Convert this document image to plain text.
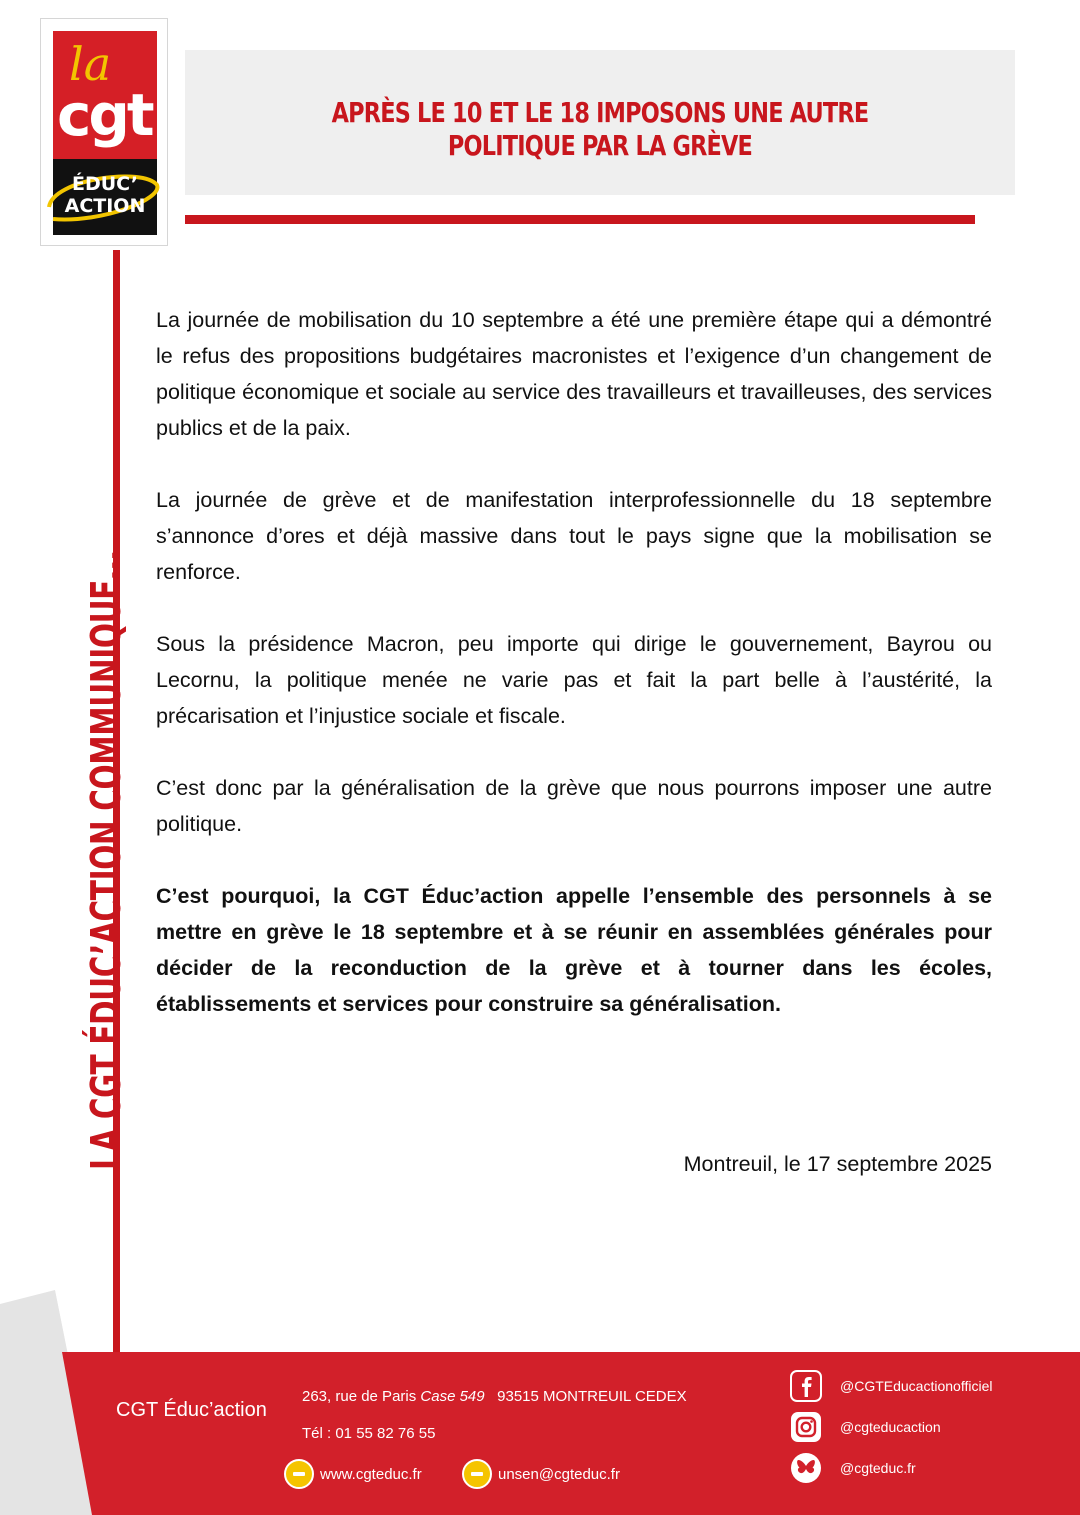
la
cgt
ÉDUC’
ACTION
APRÈS LE 10 ET LE 18 IMPOSONS UNE AUTRE POLITIQUE PAR LA GRÈVE
LA CGT ÉDUC’ACTION COMMUNIQUE…

La journée de mobilisation du 10 septembre a été une première étape qui a démontré le refus des propositions budgétaires macronistes et l’exigence d’un changement de politique économique et sociale au service des travailleurs et travailleuses, des services publics et de la paix.

La journée de grève et de manifestation interprofessionnelle du 18 septembre s’annonce d’ores et déjà massive dans tout le pays signe que la mobilisation se renforce.

Sous la présidence Macron, peu importe qui dirige le gouvernement, Bayrou ou Lecornu, la politique menée ne varie pas et fait la part belle à l’austérité, la précarisation et l’injustice sociale et fiscale.

C’est donc par la généralisation de la grève que nous pourrons imposer une autre politique.

C’est pourquoi, la CGT Éduc’action appelle l’ensemble des personnels à se mettre en grève le 18 septembre et à se réunir en assemblées générales pour décider de la reconduction de la grève et à tourner dans les écoles, établissements et services pour construire sa généralisation.

Montreuil, le 17 septembre 2025
CGT Éduc’action
263, rue de Paris Case 549 93515 MONTREUIL CEDEX
Tél : 01 55 82 76 55
www.cgteduc.fr	unsen@cgteduc.fr
@CGTEducactionofficiel
@cgteducaction
@cgteduc.fr
